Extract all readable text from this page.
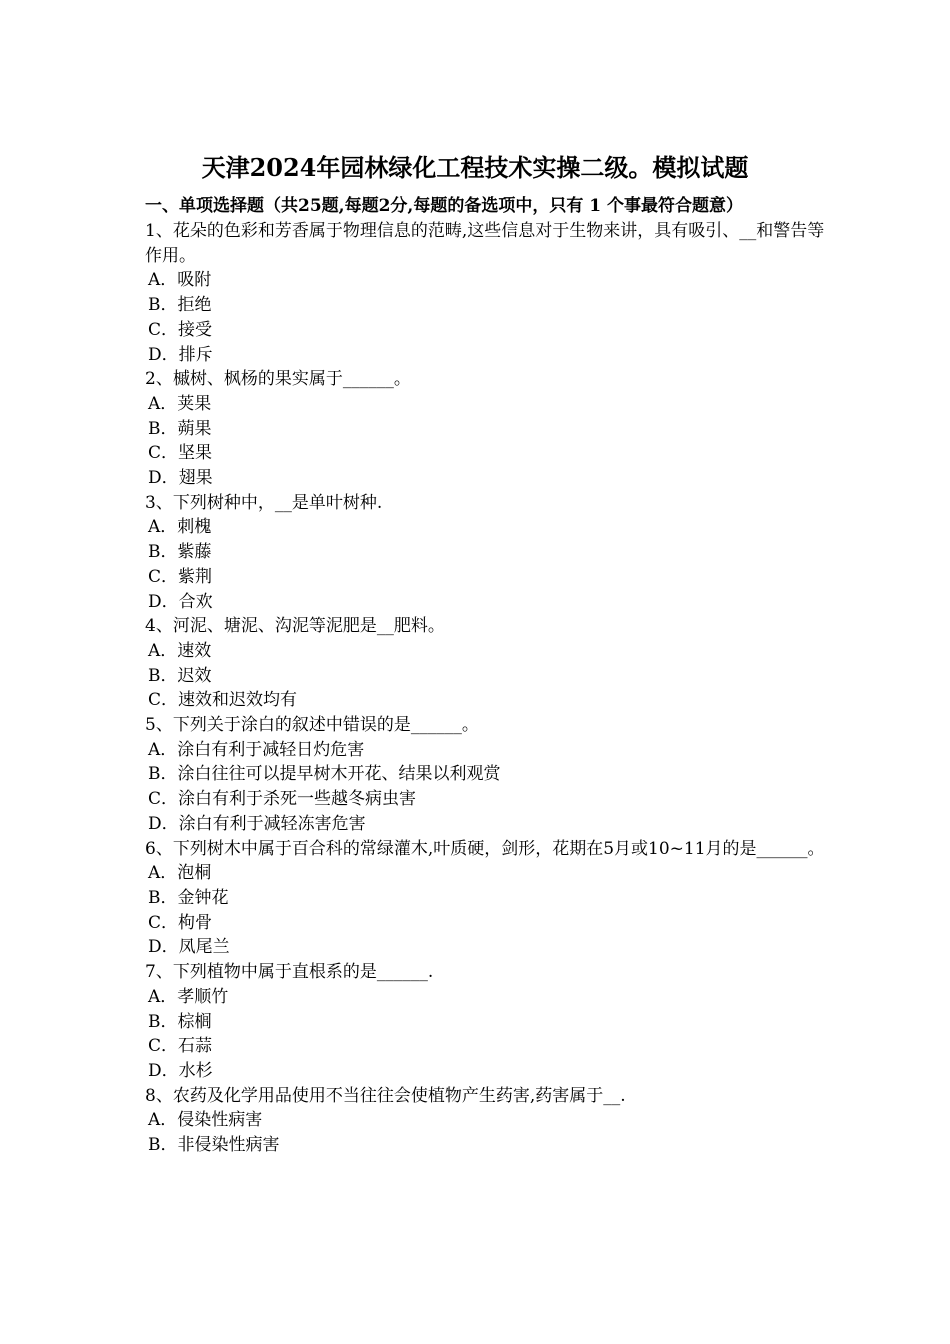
天津2024年园林绿化工程技术实操二级。模拟试题
一、单项选择题（共25题,每题2分,每题的备选项中，只有 1 个事最符合题意）

1、花朵的色彩和芳香属于物理信息的范畴,这些信息对于生物来讲，具有吸引、__和警告等作用。

A．吸附

B．拒绝

C．接受

D．排斥

2、槭树、枫杨的果实属于______。

A．荚果

B．蒴果

C．坚果

D．翅果

3、下列树种中，__是单叶树种.

A．刺槐

B．紫藤

C．紫荆

D．合欢

4、河泥、塘泥、沟泥等泥肥是__肥料。

A．速效

B．迟效

C．速效和迟效均有

5、下列关于涂白的叙述中错误的是______。

A．涂白有利于减轻日灼危害

B．涂白往往可以提早树木开花、结果以利观赏

C．涂白有利于杀死一些越冬病虫害

D．涂白有利于减轻冻害危害

6、下列树木中属于百合科的常绿灌木,叶质硬，剑形，花期在5月或10~11月的是______。

A．泡桐

B．金钟花

C．枸骨

D．凤尾兰

7、下列植物中属于直根系的是______.

A．孝顺竹

B．棕榈

C．石蒜

D．水杉

8、农药及化学用品使用不当往往会使植物产生药害,药害属于__.

A．侵染性病害

B．非侵染性病害
